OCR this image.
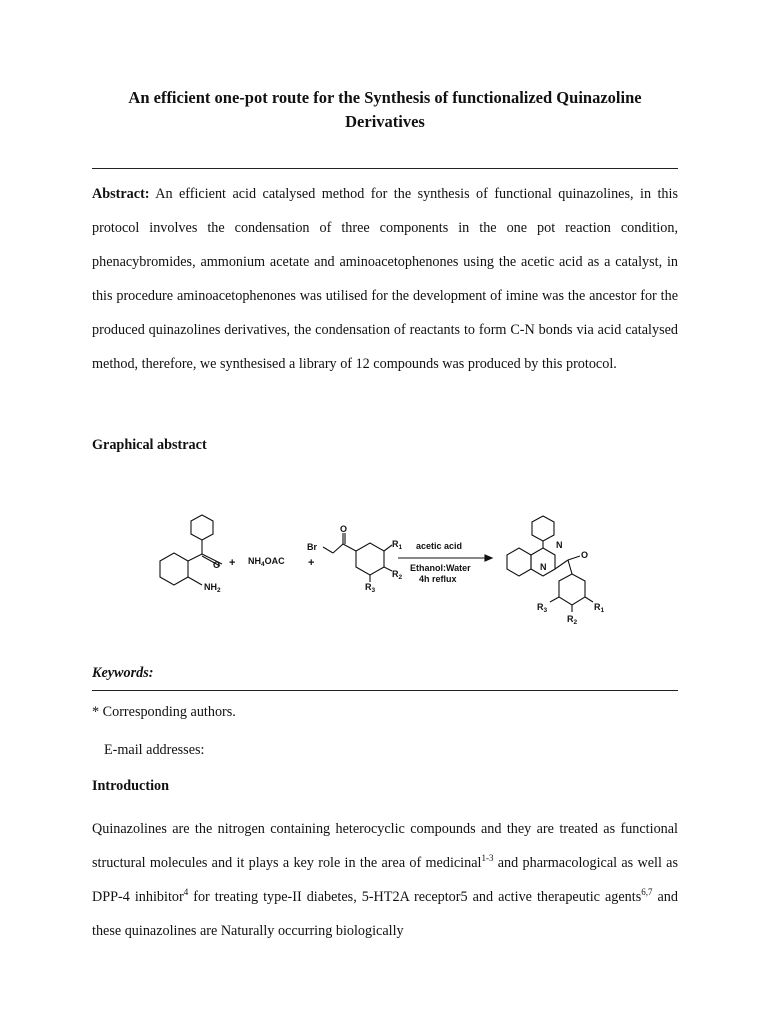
An efficient one-pot route for the Synthesis of functionalized Quinazoline Derivatives

Abstract: An efficient acid catalysed method for the synthesis of functional quinazolines, in this protocol involves the condensation of three components in the one pot reaction condition, phenacybromides, ammonium acetate and aminoacetophenones using the acetic acid as a catalyst, in this procedure aminoacetophenones was utilised for the development of imine was the ancestor for the produced quinazolines derivatives, the condensation of reactants to form C-N bonds via acid catalysed method, therefore, we synthesised a library of 12 compounds was produced by this protocol.

Graphical abstract

O
$NH_2$
+ $NH_4OAC$ +
Br
O
$R_1$
$R_2$
$R_3$
acetic acid
Ethanol:Water
4h reflux
N
N
O
$R_3$	$R_1$
$R_2$

Keywords:

* Corresponding authors.

E-mail addresses:

Introduction

Quinazolines are the nitrogen containing heterocyclic compounds and they are treated as functional structural molecules and it plays a key role in the area of medicinal$^{1-3}$ and pharmacological as well as DPP-4 inhibitor$^4$ for treating type-II diabetes, 5-HT2A receptor5 and active therapeutic agents$^{6,7}$ and these quinazolines are Naturally occurring biologically
